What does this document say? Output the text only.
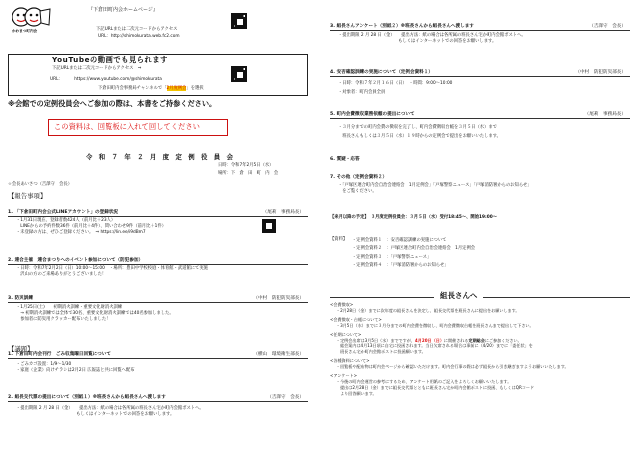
かわまつ町内会
『下倉田町内会ホームページ』
下記URLまたは二次元コードからアクセス
URL：http://shimokurata.web.fc2.com
YouTubeの動画でも見られます
下記URLまたは二次元コードからアクセス　⇒
URL：	https://www.youtube.com/@shimokurata
下倉田町内会事務局チャンネルで「2月度例会」を選択
※会館での定例役員会へご参加の際は、本書をご持参ください。
この資料は、回覧板に入れて回してください
令　和　７　年　２　月　度　定　例　役　員　会
日時：令和7年2月5日（水）
場所：下　倉　田　町　内　会
☆会長あいさつ（吉澤守　会長）
【報告事項】
1. 「下倉田町内会公式LINEアカウント」の登録状況	（尾莉　事務局長）
・1月31日現在、登録者数424人（前月比＋23人）
　LINEからの予約件数36件（前月比＋4件）、問い合わせ9件（前月比＋1件）
・未登録の方は、ぜひご登録ください。　⇒ https://lin.ee/i9dBm7
2. 連合主催　連合まつりへのイベント参加について（防犯参加）
・日時：令和7年2月2日（日）10:00～15:00　・場所：豊田中学校校庭・体育館・武道館にて実施
　沢山の方のご来場ありがとうございました！
3. 防災訓練	（中村　防犯防災部長）
・1月25日(土)　　初期消火訓練・重要文化財消火訓練
　→ 初期消火訓練では全体で30名、重要文化財消火訓練では40名参加しました。
　参加者に防災用クラッカー配布いたしました！
【議題】
1. 下倉田町内会刊行　ごみ収集曜日回覧について	（横山　環境衛生部長）
・ごみカゴ設置：1/9～1/30
・家庭（企業）向けチラシは2月2日 広報誌と共に回覧へ配布
2. 組長交代票の提出について（別紙１）※班長さんから組長さんへ渡します	（吉澤守　会長）
・提出期限 2 月 28 日（金）　　提出方法：紙の場合は各所属の班長さん宅か町内会館ポストへ。
　　　　　　　　　　　　　　もしくはインターネットでの回答をお願いします。
3. 組長さんアンケート（別紙２）※班長さんから組長さんへ渡します	（吉澤守　会長）
・提出期限 2 月 28 日（金）　　提出方法：紙の場合は各所属の班長さん宅か町内会館ポストへ。
　　　　　　　　　　　　　　もしくはインターネットでの回答をお願いします。
4. 安否確認訓練の実施について（定例会資料１）	（中村　防犯防災部長）
・日時：令和７年２月１６日（日）　・時間：9:00～10:00
・対象者：町内会員全員
5. 町内会費徴収業務依頼の提出について	（尾莉　事務局長）
・３月分までの町内会費の徴収を完了し、町内会費徴収台帳を３月５日（水）まで
　班長さんもしくは３月５日（水）１９時からの定例会で提出をお願いいたします。
6. 質疑・応答
7. その他（定例会資料２）
・「戸塚区連合町内会自治会連絡会　1月定例会」「戸塚警察ニュース」「戸塚消防署からのお知らせ」
　をご覧ください。
【来月以降の予定】　３月度定例役員会：３月５日（水）受付18:45～、開始19:00～
【資料】 ・定例会資料１　：安否確認訓練の実施について
・定例会資料２　：戸塚区連合町内会自治会連絡会　1月定例会
・定例会資料３　：「戸塚警察ニュース」
・定例会資料４　：「戸塚消防署からのお知らせ」
組長さんへ
<会費徴収>
・2月28日（金）までに次年度の組長さんを決定し、組長交代票を班長さんに提出をお願いします。
<会費徴収・台帳について>
・3月5日（水）までに３月分までの町内会費を徴収し、町内会費徴収台帳を班長さんまで提出して下さい。
<任期について>
・定例会出席は3月5日（水）までですが、4月20日（日）に開催される定期総会にご参加ください。
　総会案内は4月13日頃に自宅に投函されます。当日欠席される場合は事前に（4/20）までに「委任状」を
　班長さん宅か町内会館ポストに投函願います。
<各種資料について>
・回覧板や配布物は町内会ページから確認いただけます。町内会行事の際は必ず組長から引き継ぎますようお願いいたします。
<アンケート>
・今後の町内会運営の参考にするため、アンケート用紙のご記入をよろしくお願いいたします。
　提出は2月28日（金）までに組長交代票とともに班長さん宅か町内会館ポストに投函、もしくはQRコード
　より回答願います。
